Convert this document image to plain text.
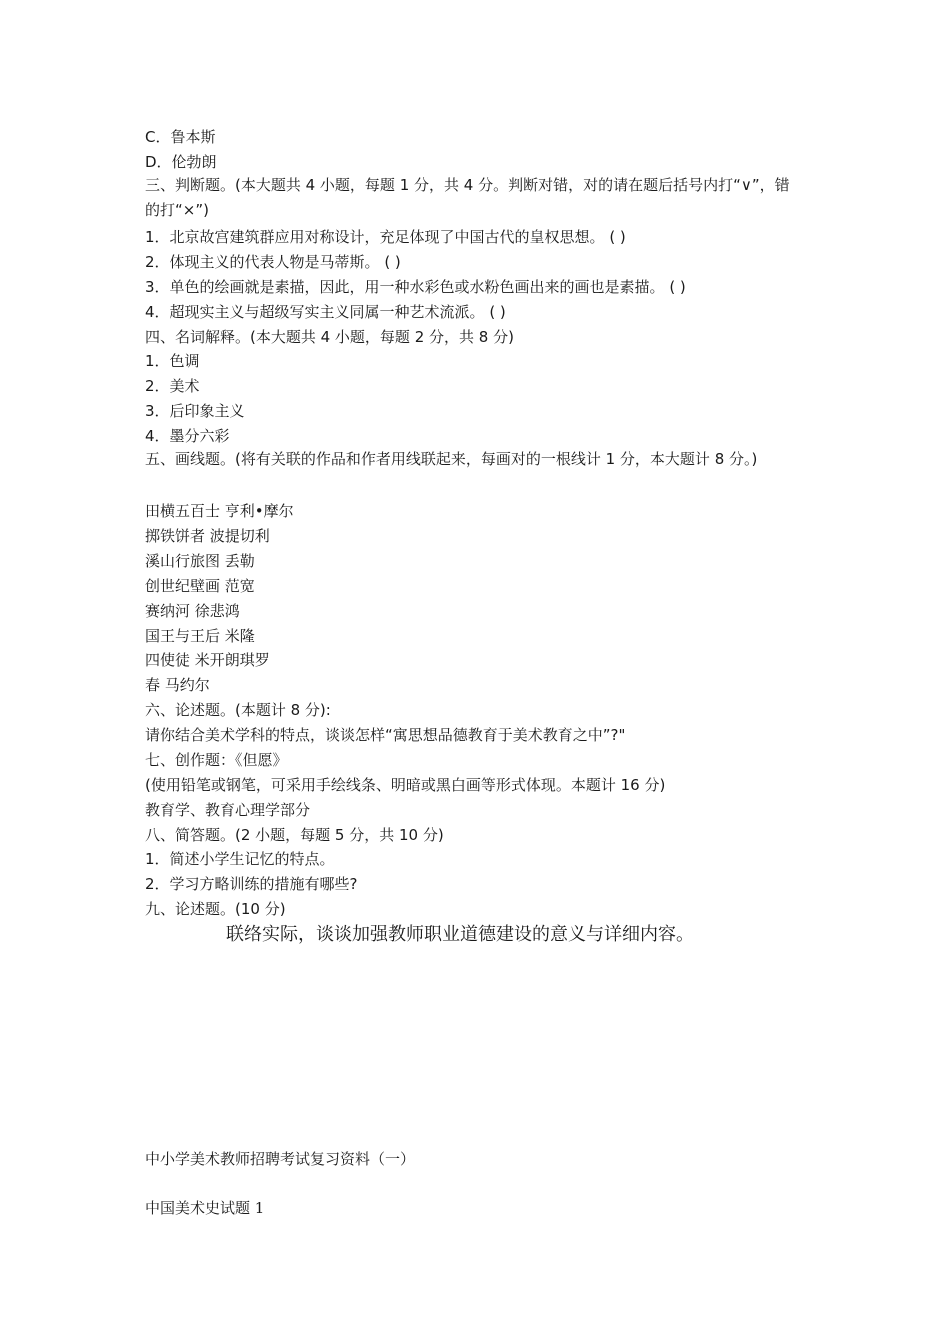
C．鲁本斯
D．伦勃朗
三、判断题。(本大题共 4 小题，每题 1 分，共 4 分。判断对错，对的请在题后括号内打“∨”，错的打“×”)
1．北京故宫建筑群应用对称设计，充足体现了中国古代的皇权思想。 ( )
2．体现主义的代表人物是马蒂斯。 ( )
3．单色的绘画就是素描，因此，用一种水彩色或水粉色画出来的画也是素描。 ( )
4．超现实主义与超级写实主义同属一种艺术流派。 ( )
四、名词解释。(本大题共 4 小题，每题 2 分，共 8 分)
1．色调
2．美术
3．后印象主义
4．墨分六彩
五、画线题。(将有关联的作品和作者用线联起来，每画对的一根线计 1 分，本大题计 8 分。)
田横五百士 亨利•摩尔
掷铁饼者 波提切利
溪山行旅图 丢勒
创世纪壁画 范宽
赛纳河 徐悲鸿
国王与王后 米隆
四使徒 米开朗琪罗
春 马约尔
六、论述题。(本题计 8 分):
请你结合美术学科的特点，谈谈怎样“寓思想品德教育于美术教育之中”?"
七、创作题：《但愿》
(使用铅笔或钢笔，可采用手绘线条、明暗或黑白画等形式体现。本题计 16 分)
教育学、教育心理学部分
八、简答题。(2 小题，每题 5 分，共 10 分)
1．简述小学生记忆的特点。
2．学习方略训练的措施有哪些?
九、论述题。(10 分)
联络实际，谈谈加强教师职业道德建设的意义与详细内容。
中小学美术教师招聘考试复习资料（一）
中国美术史试题 1
